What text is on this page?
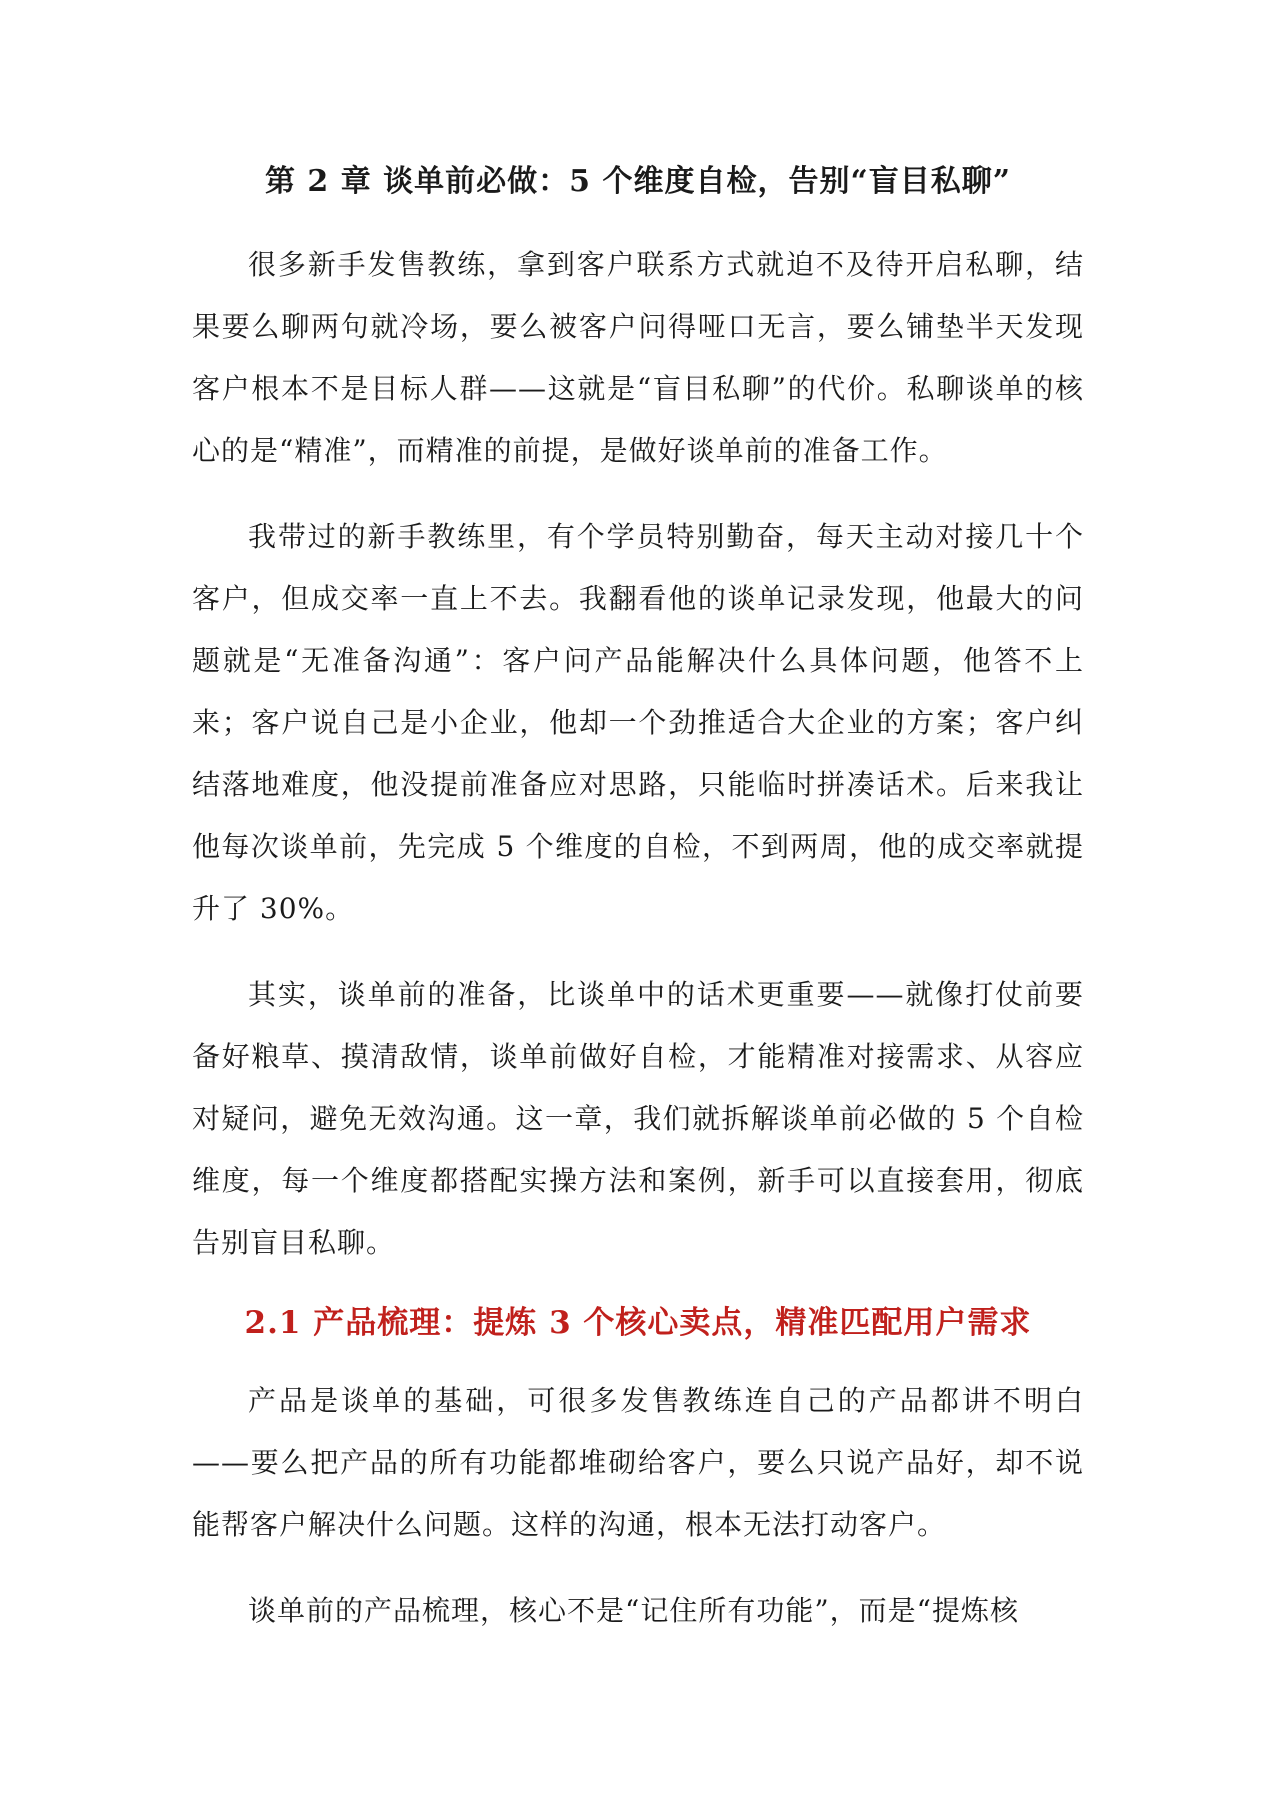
第 2 章 谈单前必做：5 个维度自检，告别“盲目私聊”

很多新手发售教练，拿到客户联系方式就迫不及待开启私聊，结果要么聊两句就冷场，要么被客户问得哑口无言，要么铺垫半天发现客户根本不是目标人群——这就是“盲目私聊”的代价。私聊谈单的核心的是“精准”，而精准的前提，是做好谈单前的准备工作。

我带过的新手教练里，有个学员特别勤奋，每天主动对接几十个客户，但成交率一直上不去。我翻看他的谈单记录发现，他最大的问题就是“无准备沟通”：客户问产品能解决什么具体问题，他答不上来；客户说自己是小企业，他却一个劲推适合大企业的方案；客户纠结落地难度，他没提前准备应对思路，只能临时拼凑话术。后来我让他每次谈单前，先完成 5 个维度的自检，不到两周，他的成交率就提升了 30%。

其实，谈单前的准备，比谈单中的话术更重要——就像打仗前要备好粮草、摸清敌情，谈单前做好自检，才能精准对接需求、从容应对疑问，避免无效沟通。这一章，我们就拆解谈单前必做的 5 个自检维度，每一个维度都搭配实操方法和案例，新手可以直接套用，彻底告别盲目私聊。

2.1 产品梳理：提炼 3 个核心卖点，精准匹配用户需求

产品是谈单的基础，可很多发售教练连自己的产品都讲不明白——要么把产品的所有功能都堆砌给客户，要么只说产品好，却不说能帮客户解决什么问题。这样的沟通，根本无法打动客户。

谈单前的产品梳理，核心不是“记住所有功能”，而是“提炼核
